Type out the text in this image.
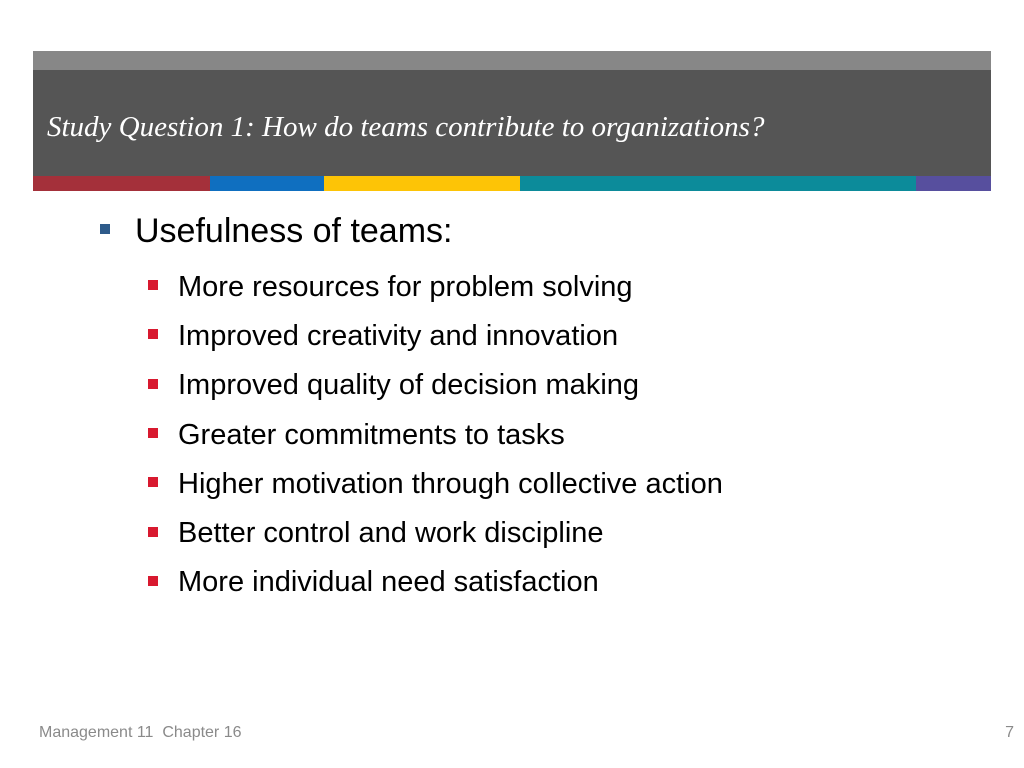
Study Question 1: How do teams contribute to organizations?
Usefulness of teams:
More resources for problem solving
Improved creativity and innovation
Improved quality of decision making
Greater commitments to tasks
Higher motivation through collective action
Better control and work discipline
More individual need satisfaction
Management 11  Chapter 16	7
